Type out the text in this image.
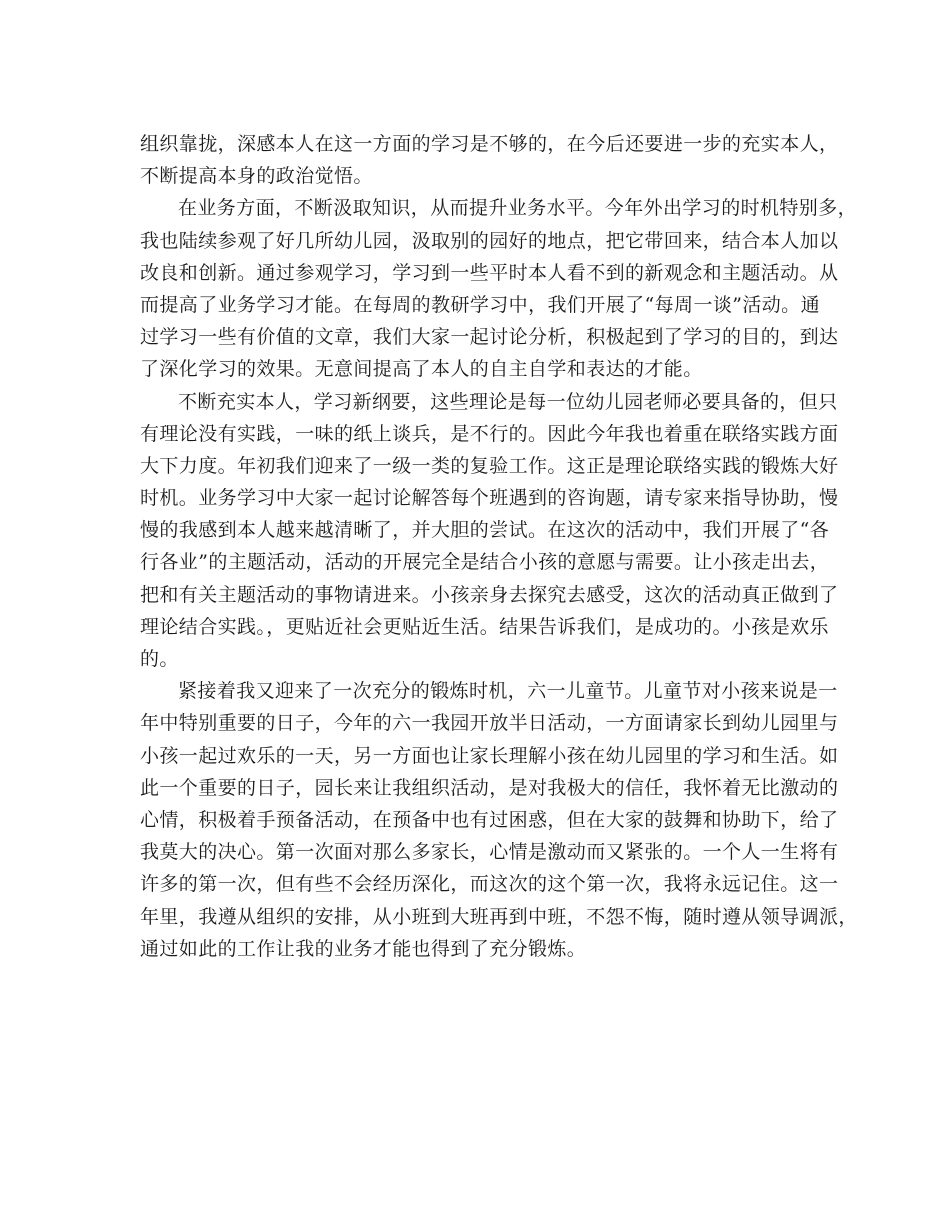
组织靠拢，深感本人在这一方面的学习是不够的，在今后还要进一步的充实本人，
不断提高本身的政治觉悟。
在业务方面，不断汲取知识，从而提升业务水平。今年外出学习的时机特别多，
我也陆续参观了好几所幼儿园，汲取别的园好的地点，把它带回来，结合本人加以
改良和创新。通过参观学习，学习到一些平时本人看不到的新观念和主题活动。从
而提高了业务学习才能。在每周的教研学习中，我们开展了“每周一谈”活动。通
过学习一些有价值的文章，我们大家一起讨论分析，积极起到了学习的目的，到达
了深化学习的效果。无意间提高了本人的自主自学和表达的才能。
不断充实本人，学习新纲要，这些理论是每一位幼儿园老师必要具备的，但只
有理论没有实践，一味的纸上谈兵，是不行的。因此今年我也着重在联络实践方面
大下力度。年初我们迎来了一级一类的复验工作。这正是理论联络实践的锻炼大好
时机。业务学习中大家一起讨论解答每个班遇到的咨询题，请专家来指导协助，慢
慢的我感到本人越来越清晰了，并大胆的尝试。在这次的活动中，我们开展了“各
行各业”的主题活动，活动的开展完全是结合小孩的意愿与需要。让小孩走出去，
把和有关主题活动的事物请进来。小孩亲身去探究去感受，这次的活动真正做到了
理论结合实践。，更贴近社会更贴近生活。结果告诉我们，是成功的。小孩是欢乐
的。
紧接着我又迎来了一次充分的锻炼时机，六一儿童节。儿童节对小孩来说是一
年中特别重要的日子，今年的六一我园开放半日活动，一方面请家长到幼儿园里与
小孩一起过欢乐的一天，另一方面也让家长理解小孩在幼儿园里的学习和生活。如
此一个重要的日子，园长来让我组织活动，是对我极大的信任，我怀着无比激动的
心情，积极着手预备活动，在预备中也有过困惑，但在大家的鼓舞和协助下，给了
我莫大的决心。第一次面对那么多家长，心情是激动而又紧张的。一个人一生将有
许多的第一次，但有些不会经历深化，而这次的这个第一次，我将永远记住。这一
年里，我遵从组织的安排，从小班到大班再到中班，不怨不悔，随时遵从领导调派，
通过如此的工作让我的业务才能也得到了充分锻炼。
